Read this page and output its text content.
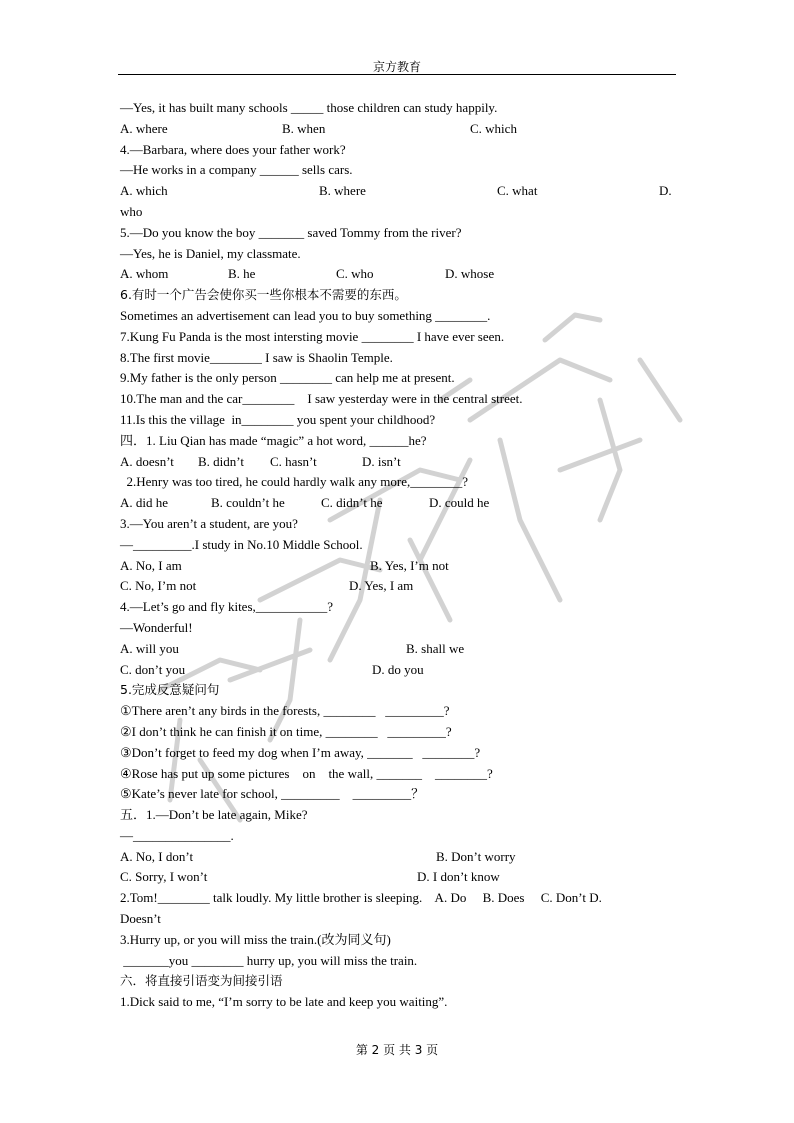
京方教育
—Yes, it has built many schools _____ those children can study happily.
A. where	B. when	C. which
4.—Barbara, where does your father work?
—He works in a company ______ sells cars.
A. which	B. where	C. what	D.
who
5.—Do you know the boy _______ saved Tommy from the river?
—Yes, he is Daniel, my classmate.
A. whom	B. he	C. who	D. whose
6.有时一个广告会使你买一些你根本不需要的东西。
Sometimes an advertisement can lead you to buy something ________.
7.Kung Fu Panda is the most intersting movie ________ I have ever seen.
8.The first movie________ I saw is Shaolin Temple.
9.My father is the only person ________ can help me at present.
10.The man and the car________    I saw yesterday were in the central street.
11.Is this the village  in________ you spent your childhood?
四．1. Liu Qian has made “magic” a hot word, ______he?
A. doesn’t	B. didn’t	C. hasn’t	D. isn’t
2.Henry was too tired, he could hardly walk any more,________?
A. did he	B. couldn’t he	C. didn’t he	D. could he
3.—You aren’t a student, are you?
—_________.I study in No.10 Middle School.
A. No, I am	B. Yes, I’m not
C. No, I’m not	D. Yes, I am
4.—Let’s go and fly kites,___________?
—Wonderful!
A. will you	B. shall we
C. don’t you	D. do you
5.完成反意疑问句
①There aren’t any birds in the forests, ________   _________?
②I don’t think he can finish it on time, ________   _________?
③Don’t forget to feed my dog when I’m away, _______   ________?
④Rose has put up some pictures    on    the wall, _______    ________?
⑤Kate’s never late for school, _________    _________？
五．1.—Don’t be late again, Mike?
—_______________.
A. No, I don’t	B. Don’t worry
C. Sorry, I won’t	D. I don’t know
2.Tom!________ talk loudly. My little brother is sleeping.    A. Do     B. Does     C. Don’t D.
Doesn’t
3.Hurry up, or you will miss the train.(改为同义句)
_______you ________ hurry up, you will miss the train.
六．将直接引语变为间接引语
1.Dick said to me, “I’m sorry to be late and keep you waiting”.
第 2 页 共 3 页
